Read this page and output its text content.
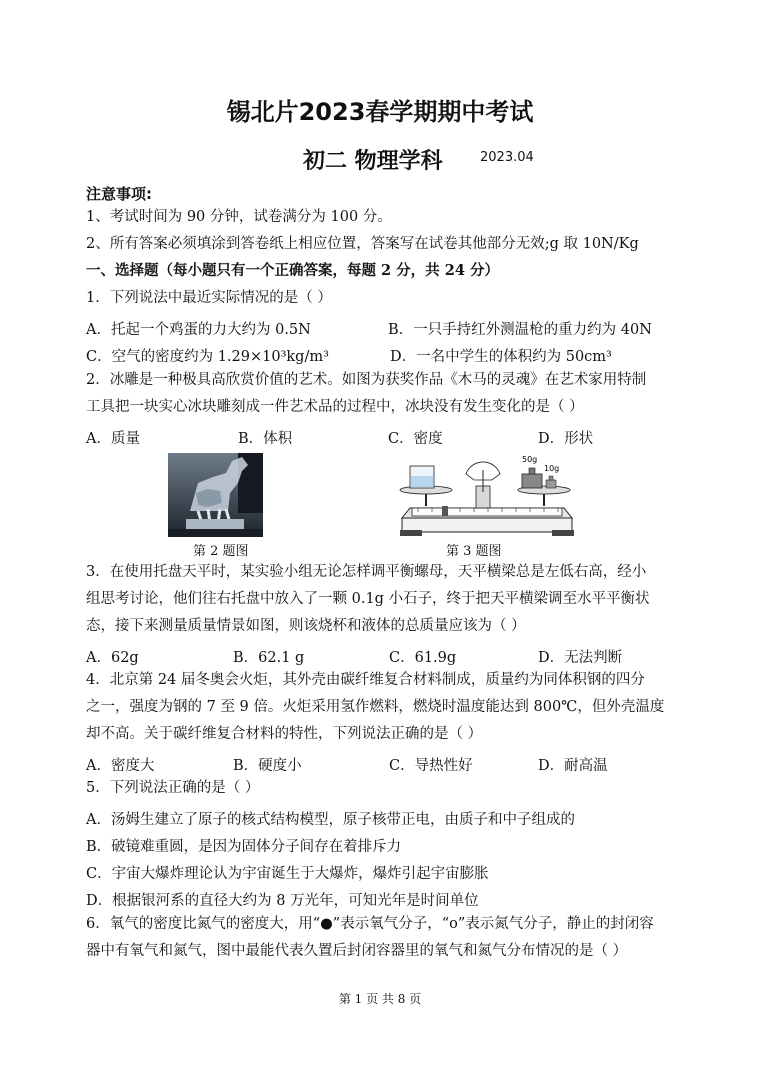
锡北片2023春学期期中考试
初二 物理学科	2023.04
注意事项:
1、考试时间为 90 分钟，试卷满分为 100 分。
2、所有答案必须填涂到答卷纸上相应位置，答案写在试卷其他部分无效;g 取 10N/Kg
一、选择题（每小题只有一个正确答案，每题 2 分，共 24 分）
1．下列说法中最近实际情况的是（ ）
A．托起一个鸡蛋的力大约为 0.5N	B．一只手持红外测温枪的重力约为 40N
C．空气的密度约为 1.29×10³kg/m³	D．一名中学生的体积约为 50cm³
2．冰雕是一种极具高欣赏价值的艺术。如图为获奖作品《木马的灵魂》在艺术家用特制
工具把一块实心冰块雕刻成一件艺术品的过程中，冰块没有发生变化的是（ ）
A．质量	B．体积	C．密度	D．形状
第 2 题图
50g
10g
第 3 题图
3．在使用托盘天平时，某实验小组无论怎样调平衡螺母，天平横梁总是左低右高，经小
组思考讨论，他们往右托盘中放入了一颗 0.1g 小石子，终于把天平横梁调至水平平衡状
态，接下来测量质量情景如图，则该烧杯和液体的总质量应该为（ ）
A．62g	B．62.1 g	C．61.9g	D．无法判断
4．北京第 24 届冬奥会火炬，其外壳由碳纤维复合材料制成，质量约为同体积钢的四分
之一，强度为钢的 7 至 9 倍。火炬采用氢作燃料，燃烧时温度能达到 800℃，但外壳温度
却不高。关于碳纤维复合材料的特性，下列说法正确的是（ ）
A．密度大	B．硬度小	C．导热性好	D．耐高温
5．下列说法正确的是（ ）
A．汤姆生建立了原子的核式结构模型，原子核带正电，由质子和中子组成的
B．破镜难重圆，是因为固体分子间存在着排斥力
C．宇宙大爆炸理论认为宇宙诞生于大爆炸，爆炸引起宇宙膨胀
D．根据银河系的直径大约为 8 万光年，可知光年是时间单位
6．氧气的密度比氮气的密度大，用“●”表示氧气分子，“o”表示氮气分子，静止的封闭容
器中有氧气和氮气，图中最能代表久置后封闭容器里的氧气和氮气分布情况的是（ ）
第 1 页 共 8 页
